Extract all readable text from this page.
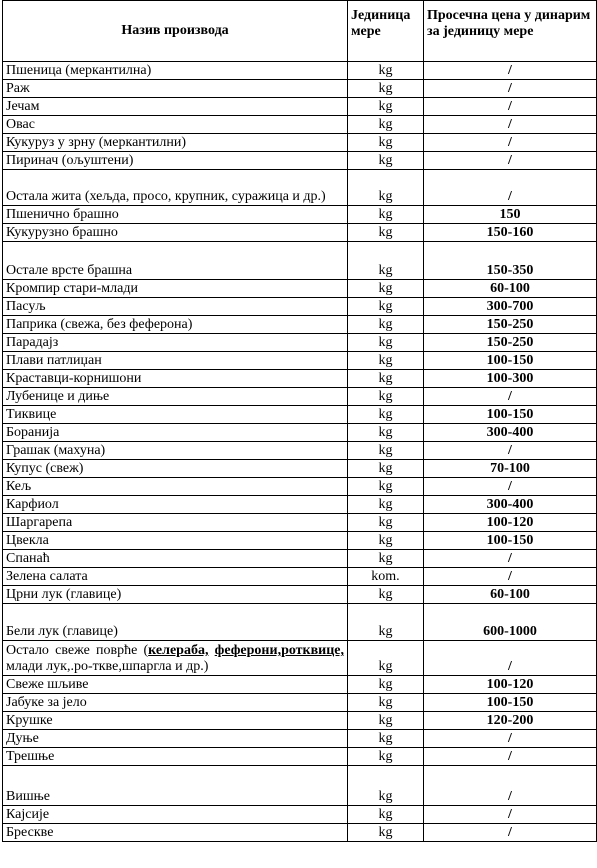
Назив производа	Јединица мере	Просечна цена у динарим за јединицу мере
Пшеница (меркантилна)	kg	/
Раж	kg	/
Јечам	kg	/
Овас	kg	/
Кукуруз у зрну (меркантилни)	kg	/
Пиринач (ољуштени)	kg	/
Остала жита (хељда, просо, крупник, суражица и др.)	kg	/
Пшенично брашно	kg	150
Кукурузно брашно	kg	150-160
Остале врсте брашна	kg	150-350
Кромпир стари-млади	kg	60-100
Пасуљ	kg	300-700
Паприка (свежа, без феферона)	kg	150-250
Парадајз	kg	150-250
Плави патлиџан	kg	100-150
Краставци-корнишони	kg	100-300
Лубенице и диње	kg	/
Тиквице	kg	100-150
Боранија	kg	300-400
Грашак (махуна)	kg	/
Купус (свеж)	kg	70-100
Кељ	kg	/
Карфиол	kg	300-400
Шаргарепа	kg	100-120
Цвекла	kg	100-150
Спанаћ	kg	/
Зелена салата	kom.	/
Црни лук (главице)	kg	60-100
Бели лук (главице)	kg	600-1000
Остало свеже поврће (келераба, феферони,ротквице, млади лук,.ро-тквe,шпаргла и др.)	kg	/
Свеже шљиве	kg	100-120
Јабуке за јело	kg	100-150
Крушке	kg	120-200
Дуње	kg	/
Трешње	kg	/
Вишње	kg	/
Кајсије	kg	/
Бресквe	kg	/
